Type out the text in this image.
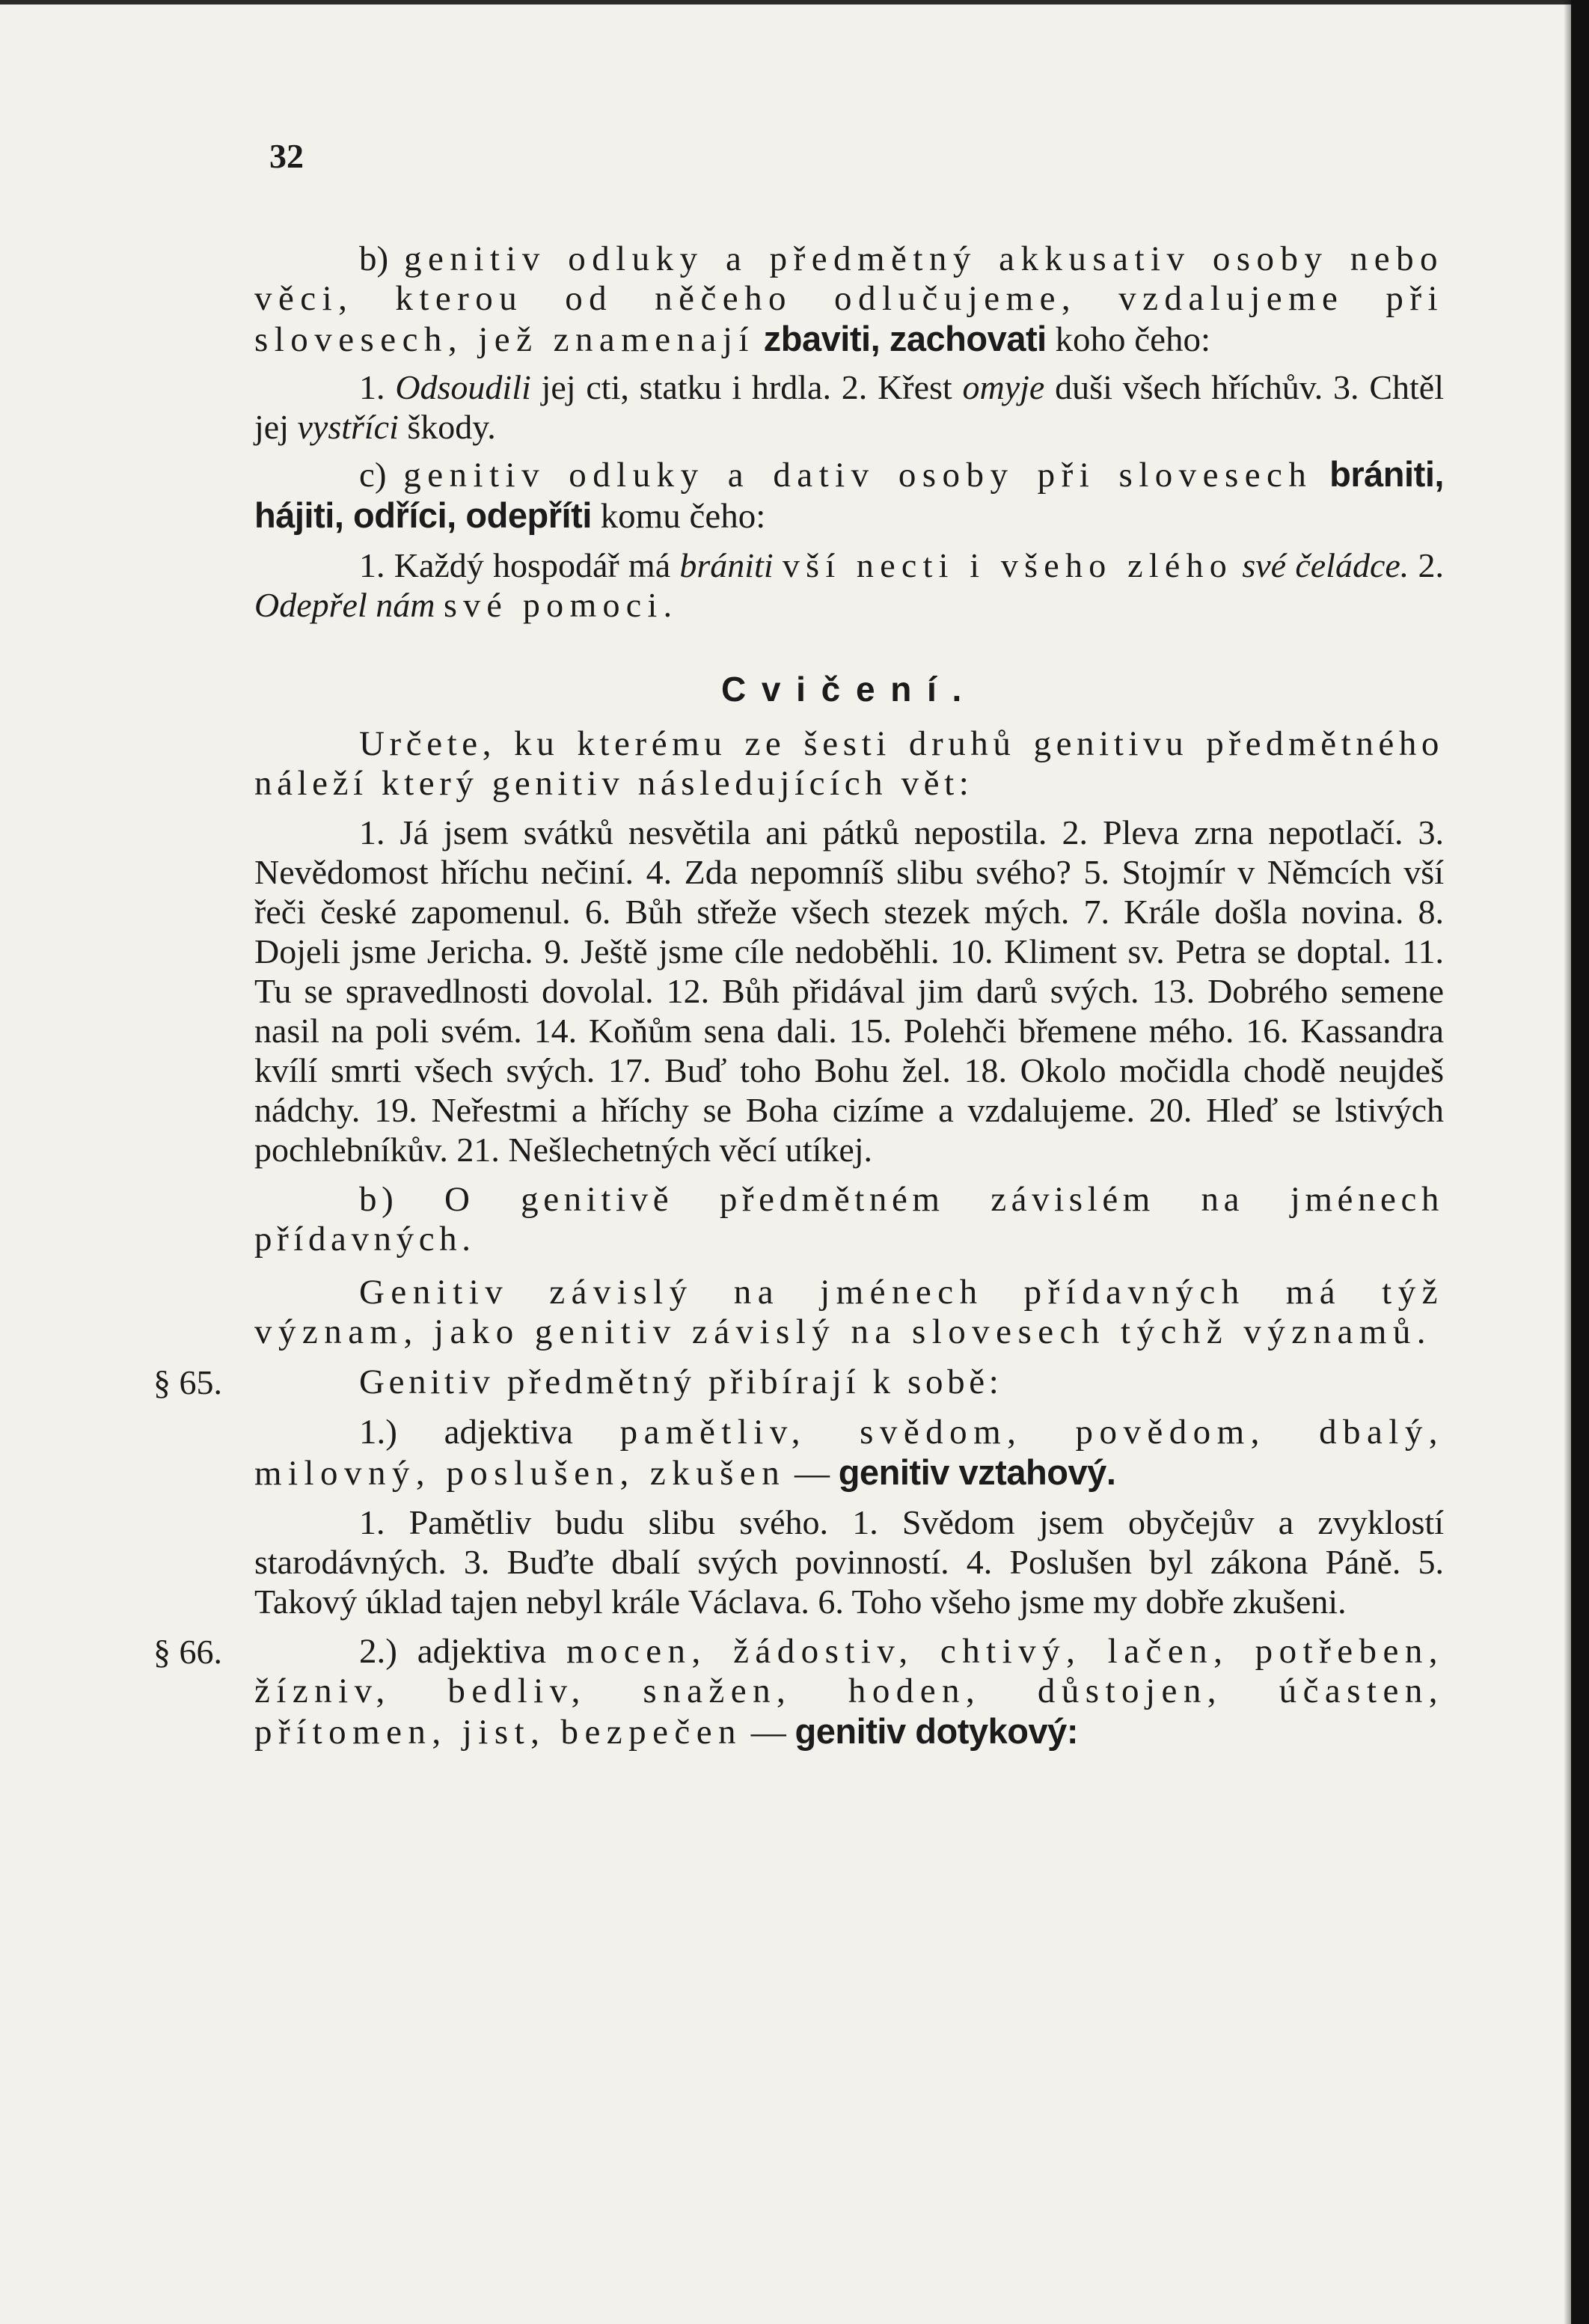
32

b) genitiv odluky a předmětný akkusativ osoby nebo věci, kterou od něčeho odlučujeme, vzdalujeme při slovesech, jež znamenají zbaviti, zachovati koho čeho:

1. Odsoudili jej cti, statku i hrdla. 2. Křest omyje duši všech hříchův. 3. Chtěl jej vystříci škody.

c) genitiv odluky a dativ osoby při slovesech brániti, hájiti, odříci, odepříti komu čeho:

1. Každý hospodář má brániti vší necti i všeho zlého své čeládce. 2. Odepřel nám své pomoci.

Cvičení.

Určete, ku kterému ze šesti druhů genitivu předmětného náleží který genitiv následujících vět:

1. Já jsem svátků nesvětila ani pátků nepostila. 2. Pleva zrna nepotlačí. 3. Nevědomost hříchu nečiní. 4. Zda nepomníš slibu svého? 5. Stojmír v Němcích vší řeči české zapomenul. 6. Bůh střeže všech stezek mých. 7. Krále došla novina. 8. Dojeli jsme Jericha. 9. Ještě jsme cíle nedoběhli. 10. Kliment sv. Petra se doptal. 11. Tu se spravedlnosti dovolal. 12. Bůh přidával jim darů svých. 13. Dobrého semene nasil na poli svém. 14. Koňům sena dali. 15. Polehči břemene mého. 16. Kassandra kvílí smrti všech svých. 17. Buď toho Bohu žel. 18. Okolo močidla chodě neujdeš nádchy. 19. Neřestmi a hříchy se Boha cizíme a vzdalujeme. 20. Hleď se lstivých pochlebníkův. 21. Nešlechetných věcí utíkej.

b) O genitivě předmětném závislém na jménech přídavných.

Genitiv závislý na jménech přídavných má týž význam, jako genitiv závislý na slovesech týchž významů.

§ 65.	Genitiv předmětný přibírají k sobě:

1.) adjektiva pamětliv, svědom, povědom, dbalý, milovný, poslušen, zkušen — genitiv vztahový.

1. Pamětliv budu slibu svého. 1. Svědom jsem obyčejův a zvyklostí starodávných. 3. Buďte dbalí svých povinností. 4. Poslušen byl zákona Páně. 5. Takový úklad tajen nebyl krále Václava. 6. Toho všeho jsme my dobře zkušeni.

§ 66.	2.) adjektiva mocen, žádostiv, chtivý, lačen, potřeben, žízniv, bedliv, snažen, hoden, důstojen, účasten, přítomen, jist, bezpečen — genitiv dotykový:
